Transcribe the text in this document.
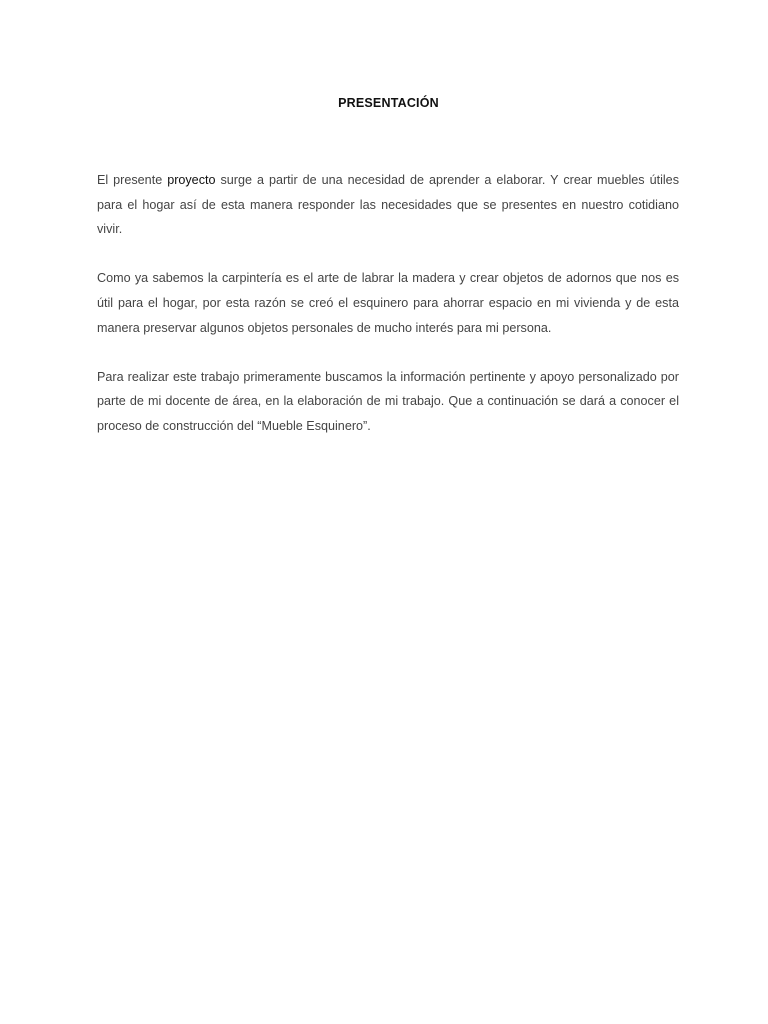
PRESENTACIÓN

El presente proyecto surge a partir de una necesidad de aprender a elaborar. Y crear muebles útiles para el hogar así de esta manera responder las necesidades que se presentes en nuestro cotidiano vivir.

Como ya sabemos la carpintería es el arte de labrar la madera y crear objetos de adornos que nos es útil para el hogar, por esta razón se creó el esquinero para ahorrar espacio en mi vivienda y de esta manera preservar algunos objetos personales de mucho interés para mi persona.

Para realizar este trabajo primeramente buscamos la información pertinente y apoyo personalizado por parte de mi docente de área, en la elaboración de mi trabajo. Que a continuación se dará a conocer el proceso de construcción del “Mueble Esquinero”.
